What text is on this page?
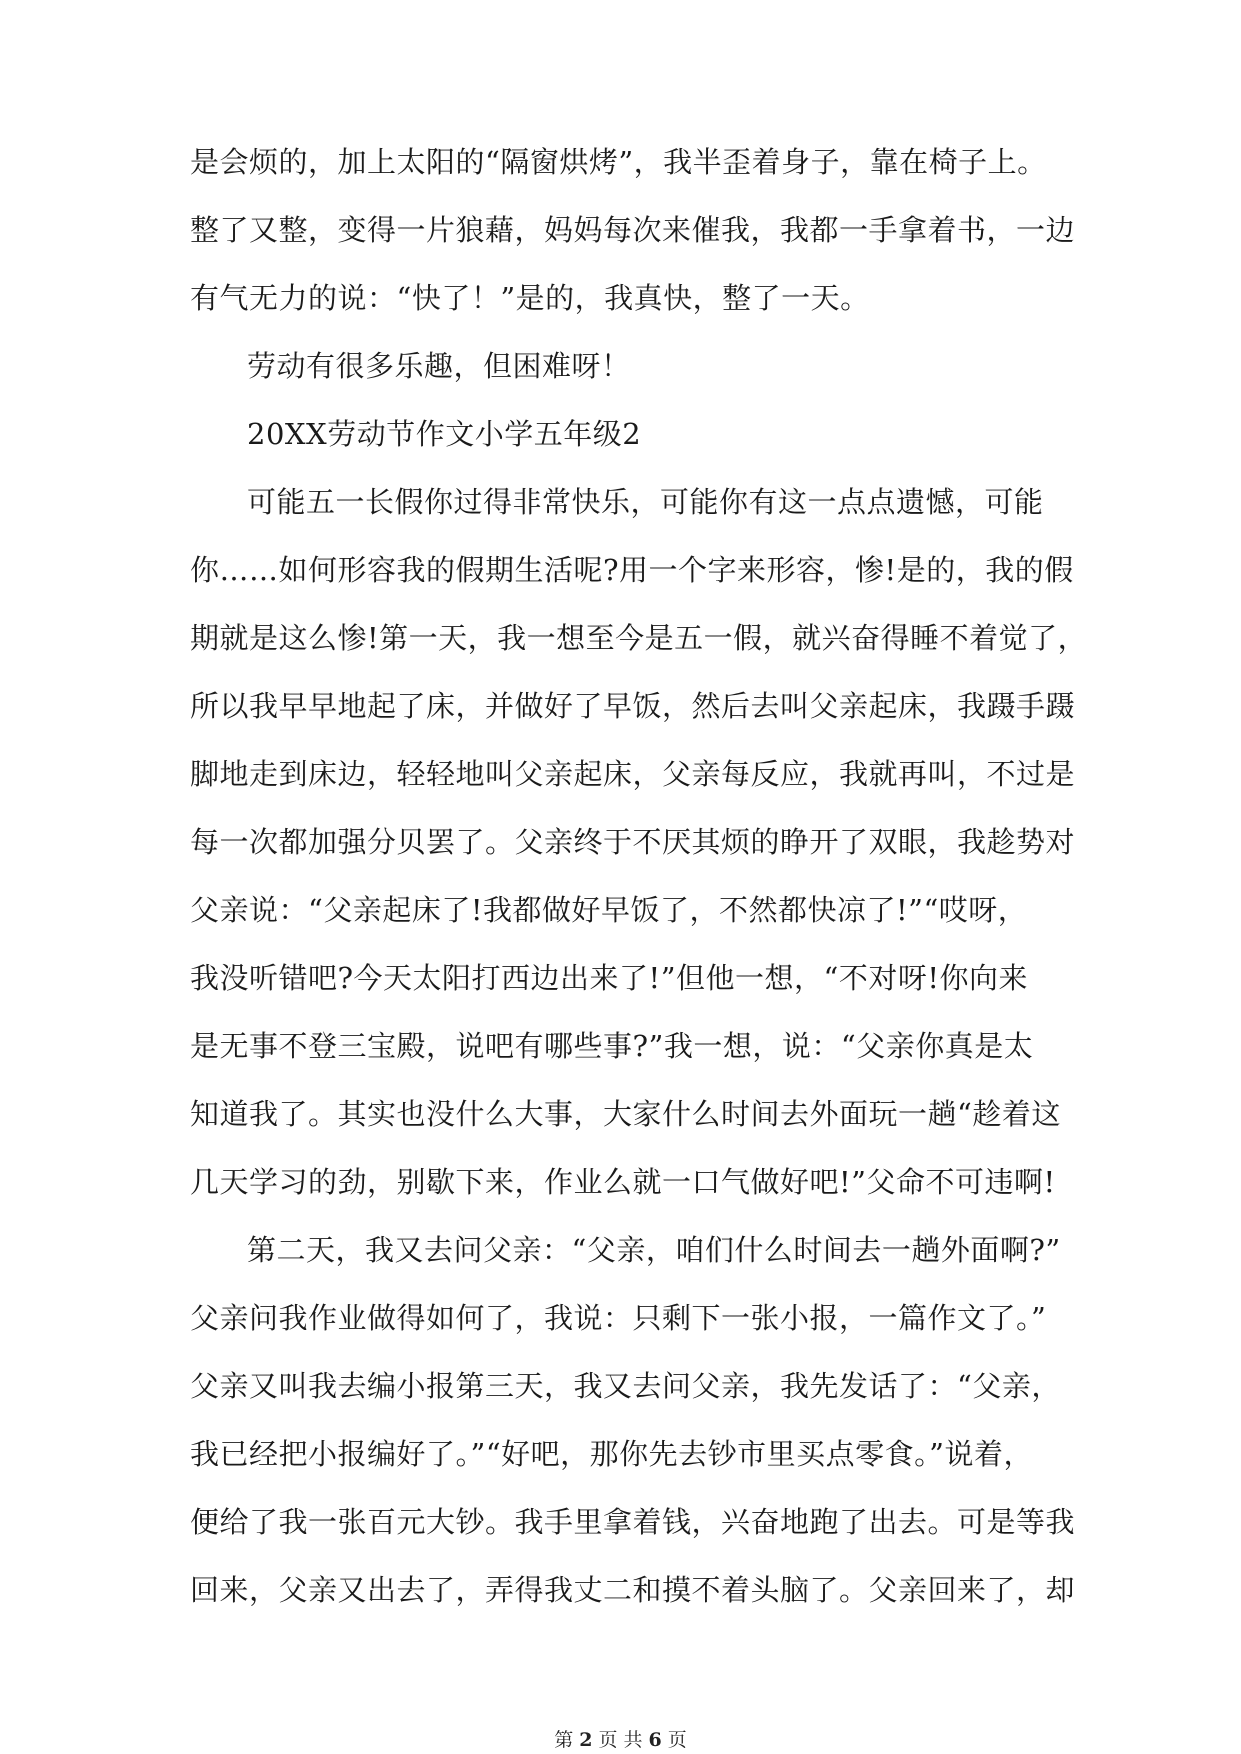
是会烦的，加上太阳的“隔窗烘烤”，我半歪着身子，靠在椅子上。
整了又整，变得一片狼藉，妈妈每次来催我，我都一手拿着书，一边
有气无力的说：“快了！”是的，我真快，整了一天。
劳动有很多乐趣，但困难呀！
20XX劳动节作文小学五年级2
可能五一长假你过得非常快乐，可能你有这一点点遗憾，可能
你……如何形容我的假期生活呢?用一个字来形容，惨!是的，我的假
期就是这么惨!第一天，我一想至今是五一假，就兴奋得睡不着觉了，
所以我早早地起了床，并做好了早饭，然后去叫父亲起床，我蹑手蹑
脚地走到床边，轻轻地叫父亲起床，父亲每反应，我就再叫，不过是
每一次都加强分贝罢了。父亲终于不厌其烦的睁开了双眼，我趁势对
父亲说：“父亲起床了!我都做好早饭了，不然都快凉了!”“哎呀，
我没听错吧?今天太阳打西边出来了!”但他一想，“不对呀!你向来
是无事不登三宝殿，说吧有哪些事?”我一想，说：“父亲你真是太
知道我了。其实也没什么大事，大家什么时间去外面玩一趟“趁着这
几天学习的劲，别歇下来，作业么就一口气做好吧!”父命不可违啊!
第二天，我又去问父亲：“父亲，咱们什么时间去一趟外面啊?”
父亲问我作业做得如何了，我说：只剩下一张小报，一篇作文了。”
父亲又叫我去编小报第三天，我又去问父亲，我先发话了：“父亲，
我已经把小报编好了。”“好吧，那你先去钞市里买点零食。”说着，
便给了我一张百元大钞。我手里拿着钱，兴奋地跑了出去。可是等我
回来，父亲又出去了，弄得我丈二和摸不着头脑了。父亲回来了，却
第 2 页 共 6 页
